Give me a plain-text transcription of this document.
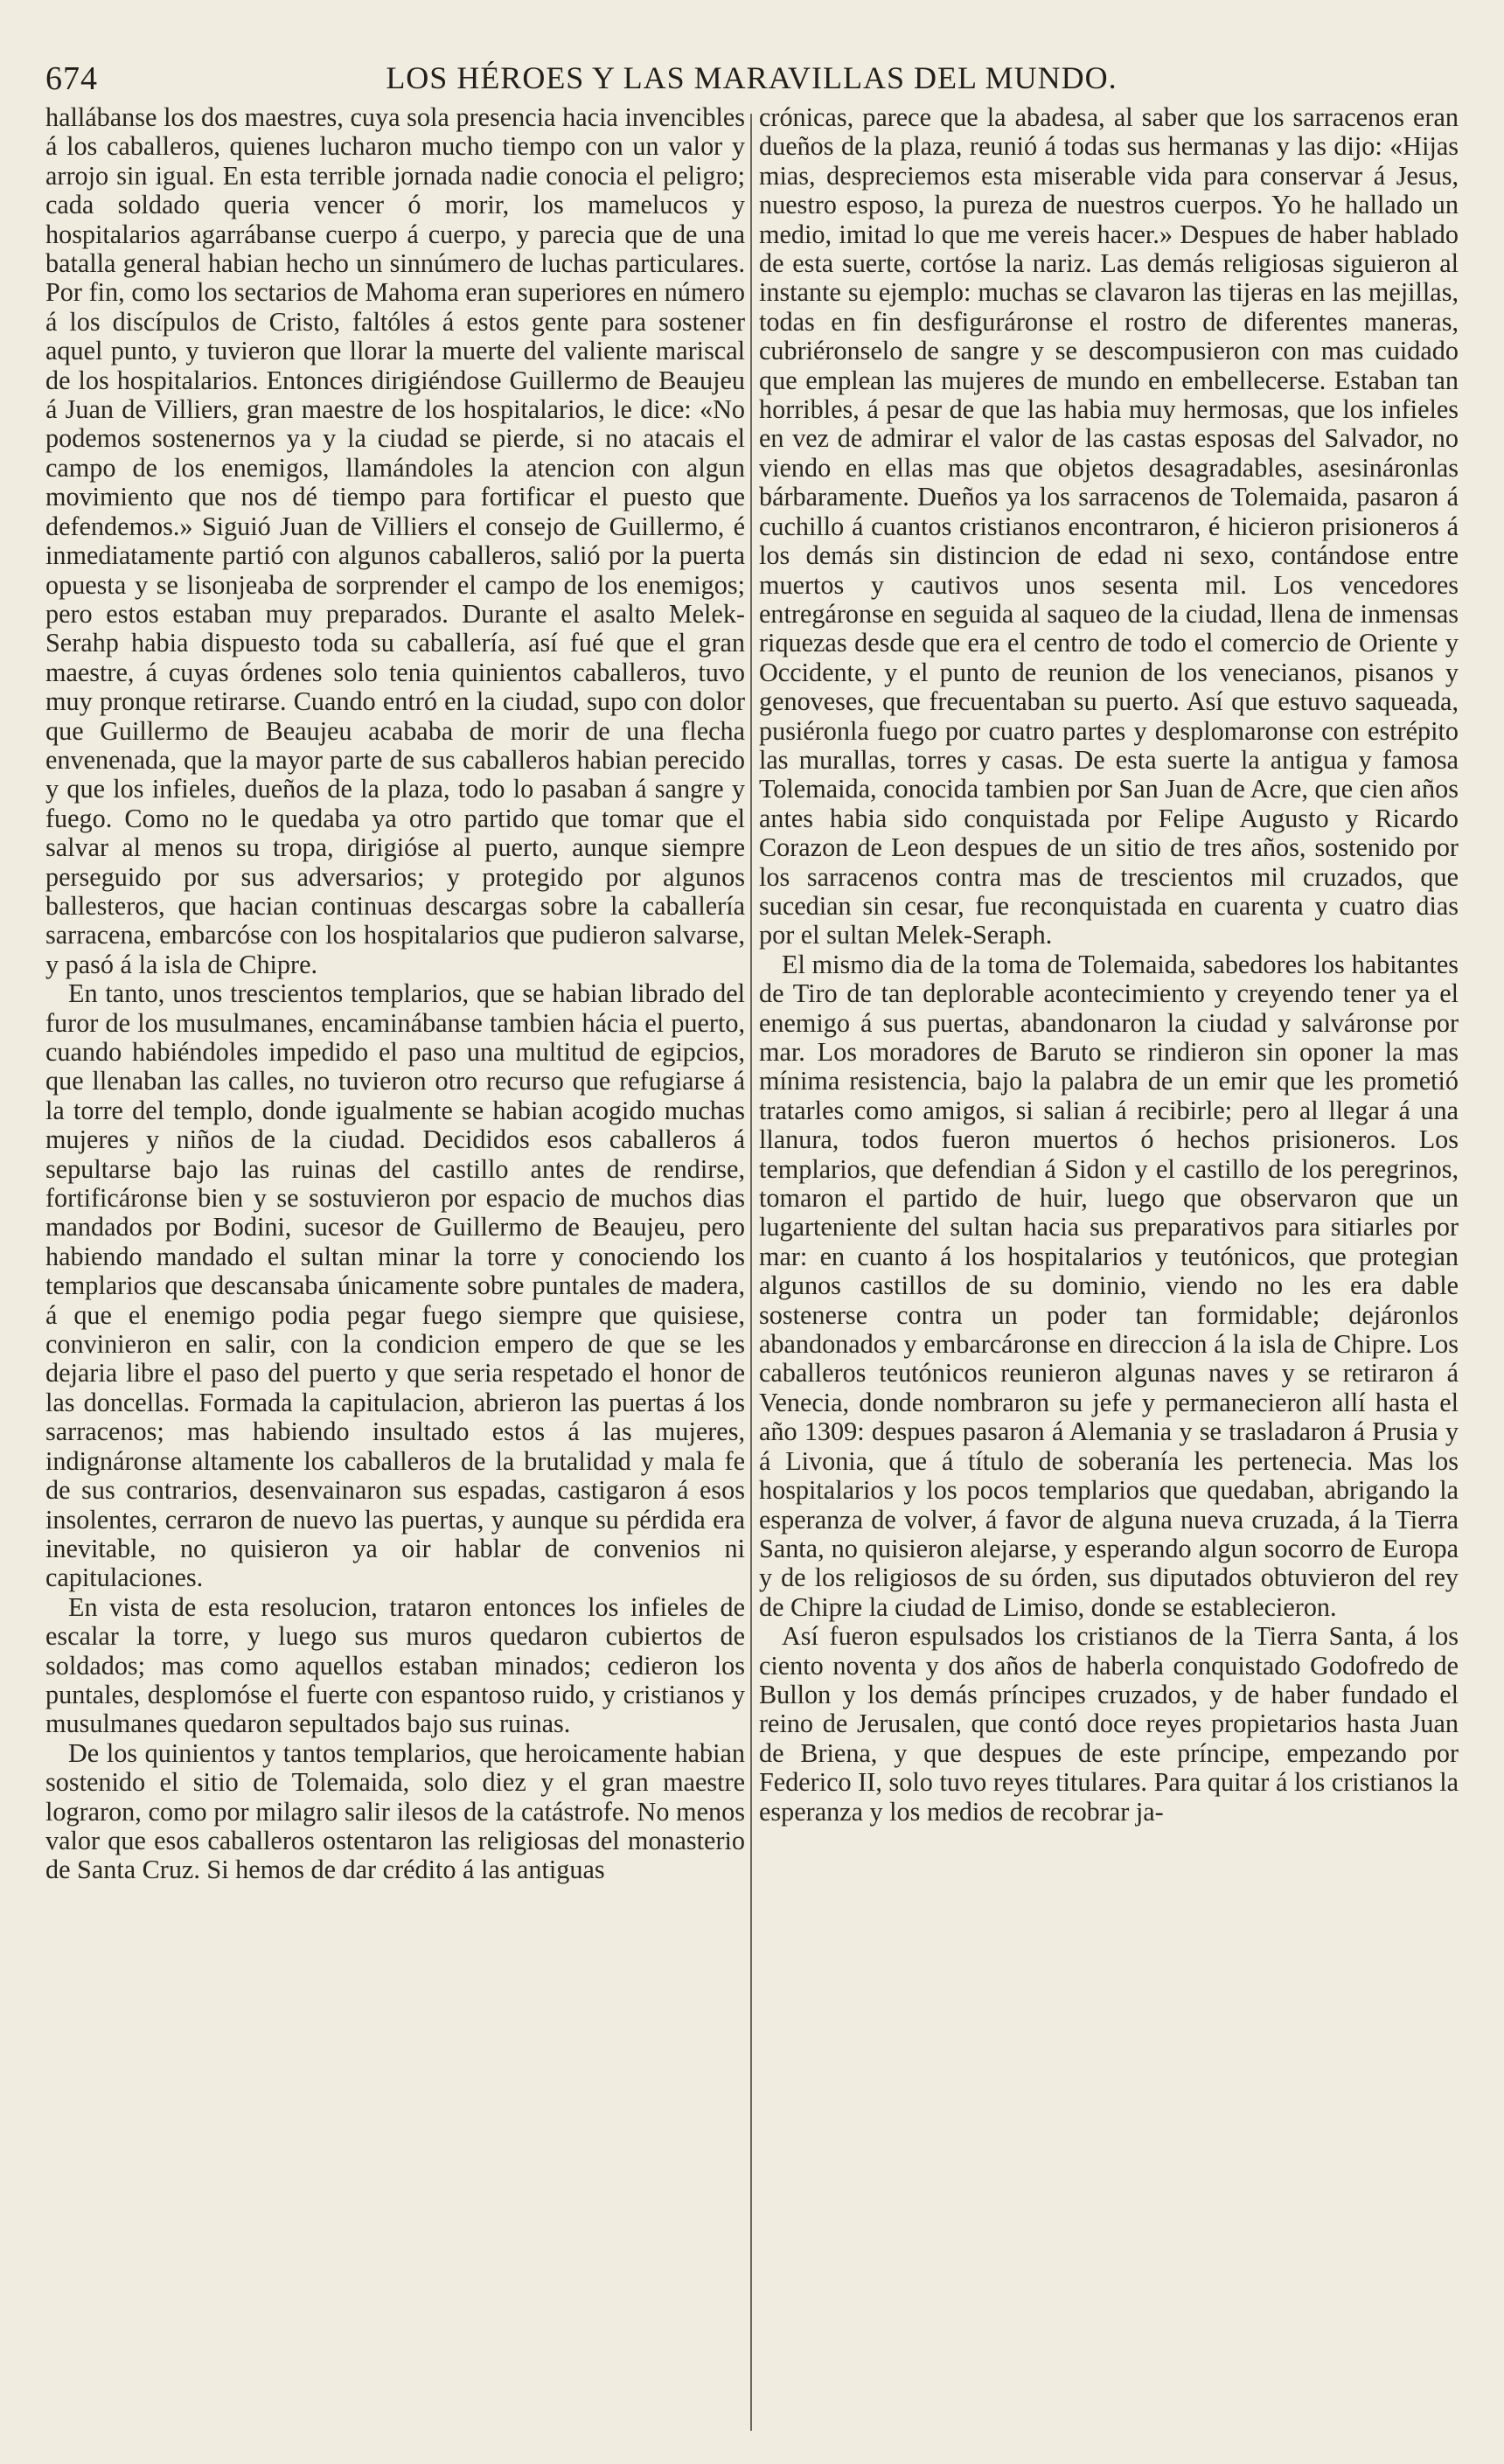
674	LOS HÉROES Y LAS MARAVILLAS DEL MUNDO.

hallábanse los dos maestres, cuya sola presencia hacia invencibles á los caballeros, quienes lucharon mucho tiempo con un valor y arrojo sin igual. En esta terrible jornada nadie conocia el peligro; cada soldado queria vencer ó morir, los mamelucos y hospitalarios agarrábanse cuerpo á cuerpo, y parecia que de una batalla general habian hecho un sinnúmero de luchas particulares. Por fin, como los sectarios de Mahoma eran superiores en número á los discípulos de Cristo, faltóles á estos gente para sostener aquel punto, y tuvieron que llorar la muerte del valiente mariscal de los hospitalarios. Entonces dirigiéndose Guillermo de Beaujeu á Juan de Villiers, gran maestre de los hospitalarios, le dice: «No podemos sostenernos ya y la ciudad se pierde, si no atacais el campo de los enemigos, llamándoles la atencion con algun movimiento que nos dé tiempo para fortificar el puesto que defendemos.» Siguió Juan de Villiers el consejo de Guillermo, é inmediatamente partió con algunos caballeros, salió por la puerta opuesta y se lisonjeaba de sorprender el campo de los enemigos; pero estos estaban muy preparados. Durante el asalto Melek-Serahp habia dispuesto toda su caballería, así fué que el gran maestre, á cuyas órdenes solo tenia quinientos caballeros, tuvo muy pronque retirarse. Cuando entró en la ciudad, supo con dolor que Guillermo de Beaujeu acababa de morir de una flecha envenenada, que la mayor parte de sus caballeros habian perecido y que los infieles, dueños de la plaza, todo lo pasaban á sangre y fuego. Como no le quedaba ya otro partido que tomar que el salvar al menos su tropa, dirigióse al puerto, aunque siempre perseguido por sus adversarios; y protegido por algunos ballesteros, que hacian continuas descargas sobre la caballería sarracena, embarcóse con los hospitalarios que pudieron salvarse, y pasó á la isla de Chipre.

En tanto, unos trescientos templarios, que se habian librado del furor de los musulmanes, encaminábanse tambien hácia el puerto, cuando habiéndoles impedido el paso una multitud de egipcios, que llenaban las calles, no tuvieron otro recurso que refugiarse á la torre del templo, donde igualmente se habian acogido muchas mujeres y niños de la ciudad. Decididos esos caballeros á sepultarse bajo las ruinas del castillo antes de rendirse, fortificáronse bien y se sostuvieron por espacio de muchos dias mandados por Bodini, sucesor de Guillermo de Beaujeu, pero habiendo mandado el sultan minar la torre y conociendo los templarios que descansaba únicamente sobre puntales de madera, á que el enemigo podia pegar fuego siempre que quisiese, convinieron en salir, con la condicion empero de que se les dejaria libre el paso del puerto y que seria respetado el honor de las doncellas. Formada la capitulacion, abrieron las puertas á los sarracenos; mas habiendo insultado estos á las mujeres, indignáronse altamente los caballeros de la brutalidad y mala fe de sus contrarios, desenvainaron sus espadas, castigaron á esos insolentes, cerraron de nuevo las puertas, y aunque su pérdida era inevitable, no quisieron ya oir hablar de convenios ni capitulaciones.

En vista de esta resolucion, trataron entonces los infieles de escalar la torre, y luego sus muros quedaron cubiertos de soldados; mas como aquellos estaban minados; cedieron los puntales, desplomóse el fuerte con espantoso ruido, y cristianos y musulmanes quedaron sepultados bajo sus ruinas.

De los quinientos y tantos templarios, que heroicamente habian sostenido el sitio de Tolemaida, solo diez y el gran maestre lograron, como por milagro salir ilesos de la catástrofe. No menos valor que esos caballeros ostentaron las religiosas del monasterio de Santa Cruz. Si hemos de dar crédito á las antiguas

crónicas, parece que la abadesa, al saber que los sarracenos eran dueños de la plaza, reunió á todas sus hermanas y las dijo: «Hijas mias, despreciemos esta miserable vida para conservar á Jesus, nuestro esposo, la pureza de nuestros cuerpos. Yo he hallado un medio, imitad lo que me vereis hacer.» Despues de haber hablado de esta suerte, cortóse la nariz. Las demás religiosas siguieron al instante su ejemplo: muchas se clavaron las tijeras en las mejillas, todas en fin desfiguráronse el rostro de diferentes maneras, cubriéronselo de sangre y se descompusieron con mas cuidado que emplean las mujeres de mundo en embellecerse. Estaban tan horribles, á pesar de que las habia muy hermosas, que los infieles en vez de admirar el valor de las castas esposas del Salvador, no viendo en ellas mas que objetos desagradables, asesináronlas bárbaramente. Dueños ya los sarracenos de Tolemaida, pasaron á cuchillo á cuantos cristianos encontraron, é hicieron prisioneros á los demás sin distincion de edad ni sexo, contándose entre muertos y cautivos unos sesenta mil. Los vencedores entregáronse en seguida al saqueo de la ciudad, llena de inmensas riquezas desde que era el centro de todo el comercio de Oriente y Occidente, y el punto de reunion de los venecianos, pisanos y genoveses, que frecuentaban su puerto. Así que estuvo saqueada, pusiéronla fuego por cuatro partes y desplomaronse con estrépito las murallas, torres y casas. De esta suerte la antigua y famosa Tolemaida, conocida tambien por San Juan de Acre, que cien años antes habia sido conquistada por Felipe Augusto y Ricardo Corazon de Leon despues de un sitio de tres años, sostenido por los sarracenos contra mas de trescientos mil cruzados, que sucedian sin cesar, fue reconquistada en cuarenta y cuatro dias por el sultan Melek-Seraph.

El mismo dia de la toma de Tolemaida, sabedores los habitantes de Tiro de tan deplorable acontecimiento y creyendo tener ya el enemigo á sus puertas, abandonaron la ciudad y salváronse por mar. Los moradores de Baruto se rindieron sin oponer la mas mínima resistencia, bajo la palabra de un emir que les prometió tratarles como amigos, si salian á recibirle; pero al llegar á una llanura, todos fueron muertos ó hechos prisioneros. Los templarios, que defendian á Sidon y el castillo de los peregrinos, tomaron el partido de huir, luego que observaron que un lugarteniente del sultan hacia sus preparativos para sitiarles por mar: en cuanto á los hospitalarios y teutónicos, que protegian algunos castillos de su dominio, viendo no les era dable sostenerse contra un poder tan formidable; dejáronlos abandonados y embarcáronse en direccion á la isla de Chipre. Los caballeros teutónicos reunieron algunas naves y se retiraron á Venecia, donde nombraron su jefe y permanecieron allí hasta el año 1309: despues pasaron á Alemania y se trasladaron á Prusia y á Livonia, que á título de soberanía les pertenecia. Mas los hospitalarios y los pocos templarios que quedaban, abrigando la esperanza de volver, á favor de alguna nueva cruzada, á la Tierra Santa, no quisieron alejarse, y esperando algun socorro de Europa y de los religiosos de su órden, sus diputados obtuvieron del rey de Chipre la ciudad de Limiso, donde se establecieron.

Así fueron espulsados los cristianos de la Tierra Santa, á los ciento noventa y dos años de haberla conquistado Godofredo de Bullon y los demás príncipes cruzados, y de haber fundado el reino de Jerusalen, que contó doce reyes propietarios hasta Juan de Briena, y que despues de este príncipe, empezando por Federico II, solo tuvo reyes titulares. Para quitar á los cristianos la esperanza y los medios de recobrar ja-
